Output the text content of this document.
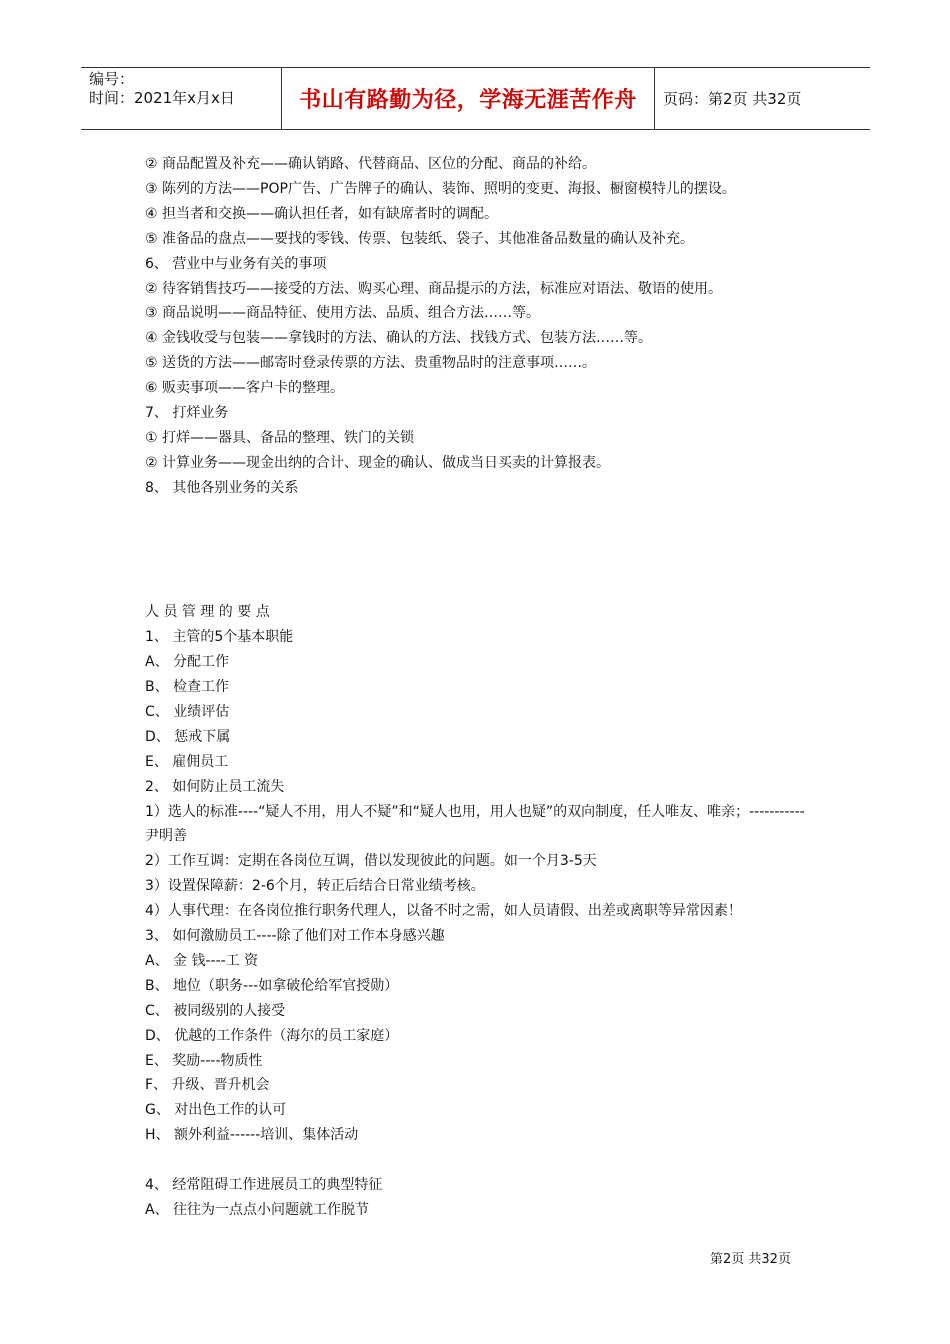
编号：
时间：2021年x月x日	书山有路勤为径，学海无涯苦作舟	页码：第2页 共32页
② 商品配置及补充——确认销路、代替商品、区位的分配、商品的补给。
③ 陈列的方法——POP广告、广告牌子的确认、装饰、照明的变更、海报、橱窗模特儿的摆设。
④ 担当者和交换——确认担任者，如有缺席者时的调配。
⑤ 准备品的盘点——要找的零钱、传票、包装纸、袋子、其他准备品数量的确认及补充。
6、 营业中与业务有关的事项
② 待客销售技巧——接受的方法、购买心理、商品提示的方法，标准应对语法、敬语的使用。
③ 商品说明——商品特征、使用方法、品质、组合方法……等。
④ 金钱收受与包装——拿钱时的方法、确认的方法、找钱方式、包装方法……等。
⑤ 送货的方法——邮寄时登录传票的方法、贵重物品时的注意事项……。
⑥ 贩卖事项——客户卡的整理。
7、 打烊业务
① 打烊——器具、备品的整理、铁门的关锁
② 计算业务——现金出纳的合计、现金的确认、做成当日买卖的计算报表。
8、 其他各别业务的关系
人 员 管 理 的 要 点
1、 主管的5个基本职能
A、 分配工作
B、 检查工作
C、 业绩评估
D、 惩戒下属
E、 雇佣员工
2、 如何防止员工流失
1）选人的标准----“疑人不用，用人不疑”和“疑人也用，用人也疑”的双向制度，任人唯友、唯亲；-----------尹明善
2）工作互调：定期在各岗位互调，借以发现彼此的问题。如一个月3-5天
3）设置保障薪：2-6个月，转正后结合日常业绩考核。
4）人事代理：在各岗位推行职务代理人，以备不时之需，如人员请假、出差或离职等异常因素！
3、 如何激励员工----除了他们对工作本身感兴趣
A、 金 钱----工 资
B、 地位（职务---如拿破伦给军官授勋）
C、 被同级别的人接受
D、 优越的工作条件（海尔的员工家庭）
E、 奖励----物质性
F、 升级、晋升机会
G、 对出色工作的认可
H、 额外利益------培训、集体活动
4、 经常阻碍工作进展员工的典型特征
A、 往往为一点点小问题就工作脱节
第2页 共32页
